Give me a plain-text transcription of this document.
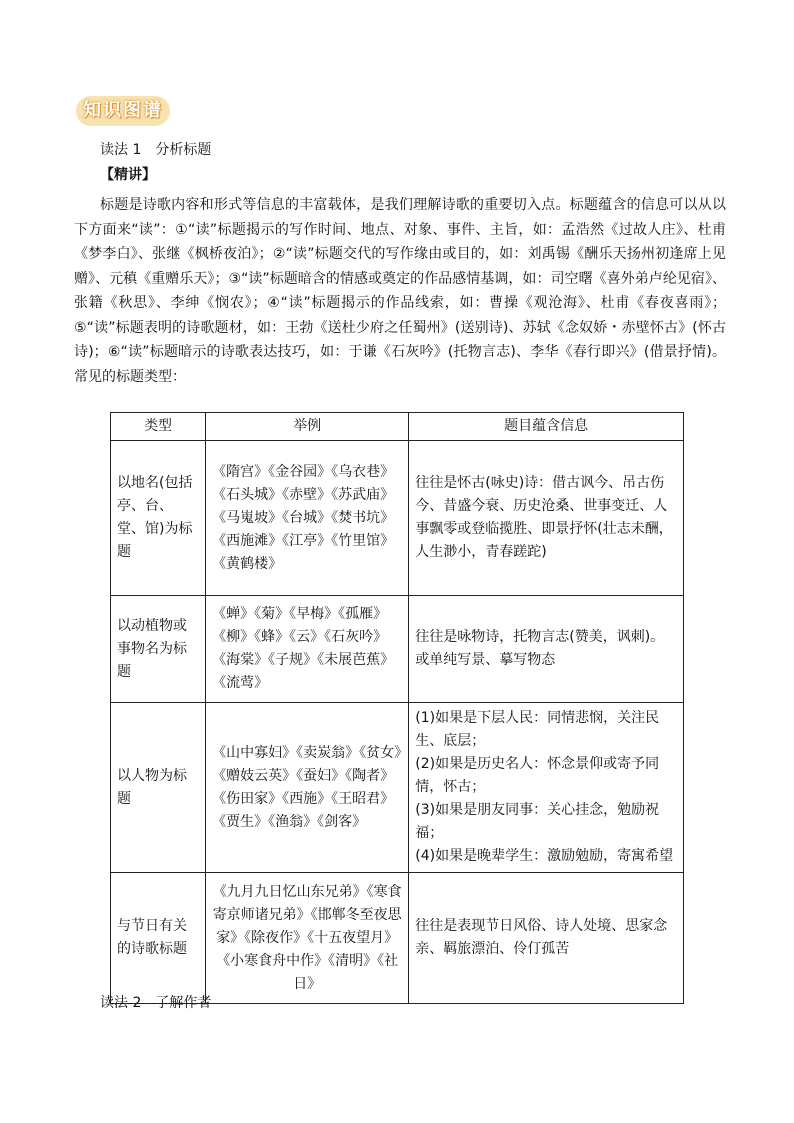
知识图谱
读法 1　分析标题
【精讲】

标题是诗歌内容和形式等信息的丰富载体，是我们理解诗歌的重要切入点。标题蕴含的信息可以从以下方面来“读”：①“读”标题揭示的写作时间、地点、对象、事件、主旨，如：孟浩然《过故人庄》、杜甫《梦李白》、张继《枫桥夜泊》；②“读”标题交代的写作缘由或目的，如：刘禹锡《酬乐天扬州初逢席上见赠》、元稹《重赠乐天》；③“读”标题暗含的情感或奠定的作品感情基调，如：司空曙《喜外弟卢纶见宿》、张籍《秋思》、李绅《悯农》；④“读”标题揭示的作品线索，如：曹操《观沧海》、杜甫《春夜喜雨》；⑤“读”标题表明的诗歌题材，如：王勃《送杜少府之任蜀州》(送别诗)、苏轼《念奴娇・赤壁怀古》(怀古诗)；⑥“读”标题暗示的诗歌表达技巧，如：于谦《石灰吟》(托物言志)、李华《春行即兴》(借景抒情)。常见的标题类型：

类型	举例	题目蕴含信息
以地名(包括亭、台、堂、馆)为标题	《隋宫》《金谷园》《乌衣巷》《石头城》《赤壁》《苏武庙》《马嵬坡》《台城》《焚书坑》《西施滩》《江亭》《竹里馆》《黄鹤楼》	往往是怀古(咏史)诗：借古讽今、吊古伤今、昔盛今衰、历史沧桑、世事变迁、人事飘零或登临揽胜、即景抒怀(壮志未酬，人生渺小，青春蹉跎)

以动植物或事物名为标题	《蝉》《菊》《早梅》《孤雁》《柳》《蜂》《云》《石灰吟》《海棠》《子规》《未展芭蕉》《流莺》	往往是咏物诗，托物言志(赞美，讽刺)。或单纯写景、摹写物态

以人物为标题	《山中寡妇》《卖炭翁》《贫女》《赠妓云英》《蚕妇》《陶者》《伤田家》《西施》《王昭君》《贾生》《渔翁》《剑客》	(1)如果是下层人民：同情悲悯，关注民生、底层；
(2)如果是历史名人：怀念景仰或寄予同情，怀古；
(3)如果是朋友同事：关心挂念，勉励祝福；
(4)如果是晚辈学生：激励勉励，寄寓希望

与节日有关的诗歌标题	《九月九日忆山东兄弟》《寒食寄京师诸兄弟》《邯郸冬至夜思家》《除夜作》《十五夜望月》《小寒食舟中作》《清明》《社日》	往往是表现节日风俗、诗人处境、思家念亲、羁旅漂泊、伶仃孤苦
读法 2　了解作者
